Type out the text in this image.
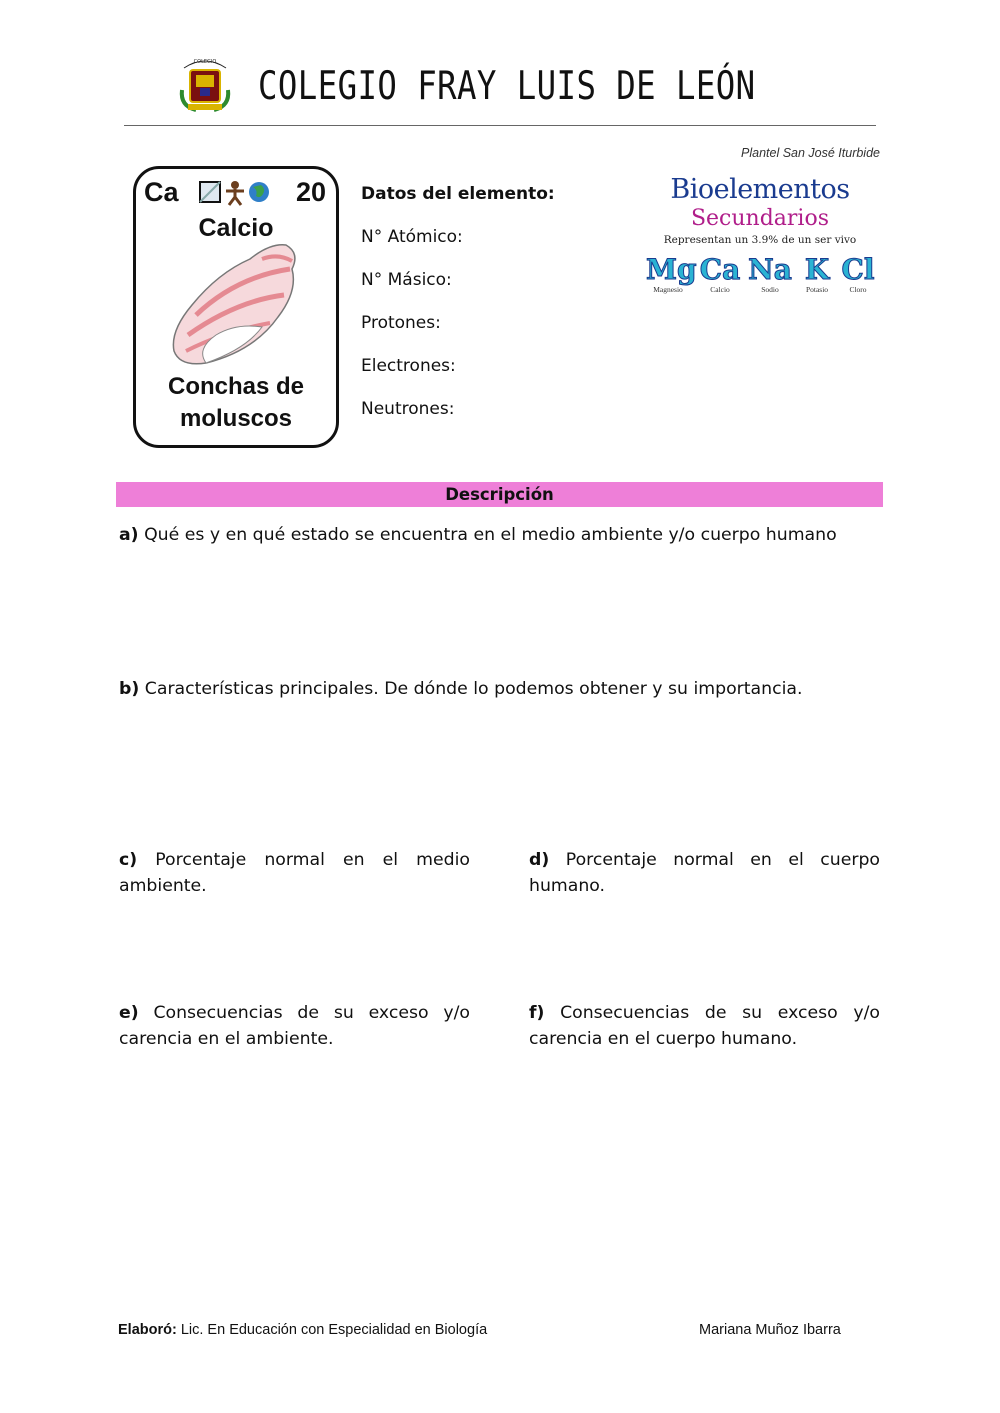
COLEGIO
COLEGIO FRAY LUIS DE LEÓN
Plantel San José Iturbide
Ca	20
Calcio
Conchas de
moluscos
Datos del elemento:
N° Atómico:
N° Másico:
Protones:
Electrones:
Neutrones:
Bioelementos
Secundarios
Representan un 3.9% de un ser vivo
Mg
Magnesio
Ca
Calcio
Na
Sodio
K
Potasio
Cl
Cloro
Descripción
a) Qué es y en qué estado se encuentra en el medio ambiente y/o cuerpo humano
b) Características principales. De dónde lo podemos obtener y su importancia.
c) Porcentaje normal en el medio ambiente.
d) Porcentaje normal en el cuerpo humano.
e) Consecuencias de su exceso y/o carencia en el ambiente.
f) Consecuencias de su exceso y/o carencia en el cuerpo humano.
Elaboró: Lic. En Educación con Especialidad en Biología	Mariana Muñoz Ibarra
